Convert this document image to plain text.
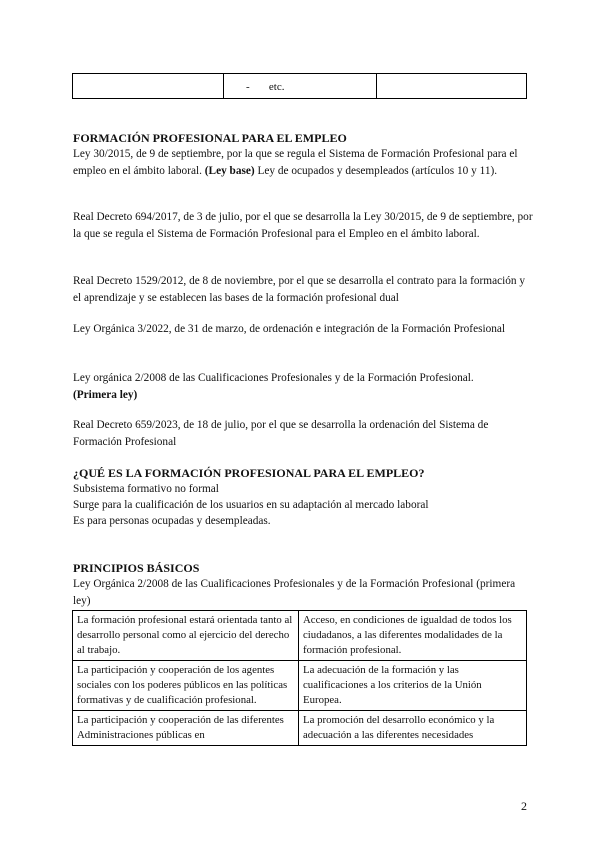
-       etc.

FORMACIÓN PROFESIONAL PARA EL EMPLEO
Ley 30/2015, de 9 de septiembre, por la que se regula el Sistema de Formación Profesional para el empleo en el ámbito laboral. (Ley base) Ley de ocupados y desempleados (artículos 10 y 11).
Real Decreto 694/2017, de 3 de julio, por el que se desarrolla la Ley 30/2015, de 9 de septiembre, por la que se regula el Sistema de Formación Profesional para el Empleo en el ámbito laboral.
Real Decreto 1529/2012, de 8 de noviembre, por el que se desarrolla el contrato para la formación y el aprendizaje y se establecen las bases de la formación profesional dual
Ley Orgánica 3/2022, de 31 de marzo, de ordenación e integración de la Formación Profesional
Ley orgánica 2/2008 de las Cualificaciones Profesionales y de la Formación Profesional.
(Primera ley)
Real Decreto 659/2023, de 18 de julio, por el que se desarrolla la ordenación del Sistema de Formación Profesional
¿QUÉ ES LA FORMACIÓN PROFESIONAL PARA EL EMPLEO?
Subsistema formativo no formal
Surge para la cualificación de los usuarios en su adaptación al mercado laboral
Es para personas ocupadas y desempleadas.
PRINCIPIOS BÁSICOS
Ley Orgánica 2/2008 de las Cualificaciones Profesionales y de la Formación Profesional (primera ley)
La formación profesional estará orientada tanto al desarrollo personal como al ejercicio del derecho al trabajo.	Acceso, en condiciones de igualdad de todos los ciudadanos, a las diferentes modalidades de la formación profesional.

La participación y cooperación de los agentes sociales con los poderes públicos en las políticas formativas y de cualificación profesional.	La adecuación de la formación y las cualificaciones a los criterios de la Unión Europea.

La participación y cooperación de las diferentes Administraciones públicas en	La promoción del desarrollo económico y la adecuación a las diferentes necesidades
2
